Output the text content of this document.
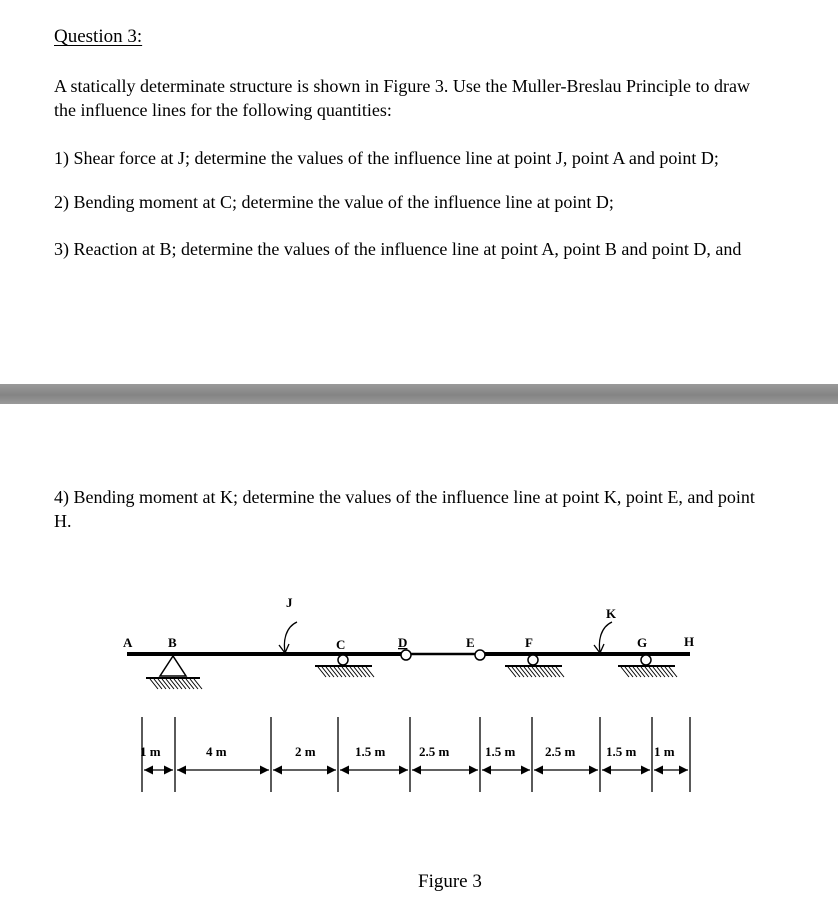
Question 3:
A statically determinate structure is shown in Figure 3. Use the Muller-Breslau Principle to draw
the influence lines for the following quantities:
1) Shear force at J; determine the values of the influence line at point J, point A and point D;
2) Bending moment at C; determine the value of the influence line at point D;
3) Reaction at B; determine the values of the influence line at point A, point B and point D, and
4) Bending moment at K; determine the values of the influence line at point K, point E, and point
H.
A	B	C	D	E	F	G	H
J
K
1 m	4 m	2 m	1.5 m	2.5 m	1.5 m 2.5 m 1.5 m 1 m
Figure 3
